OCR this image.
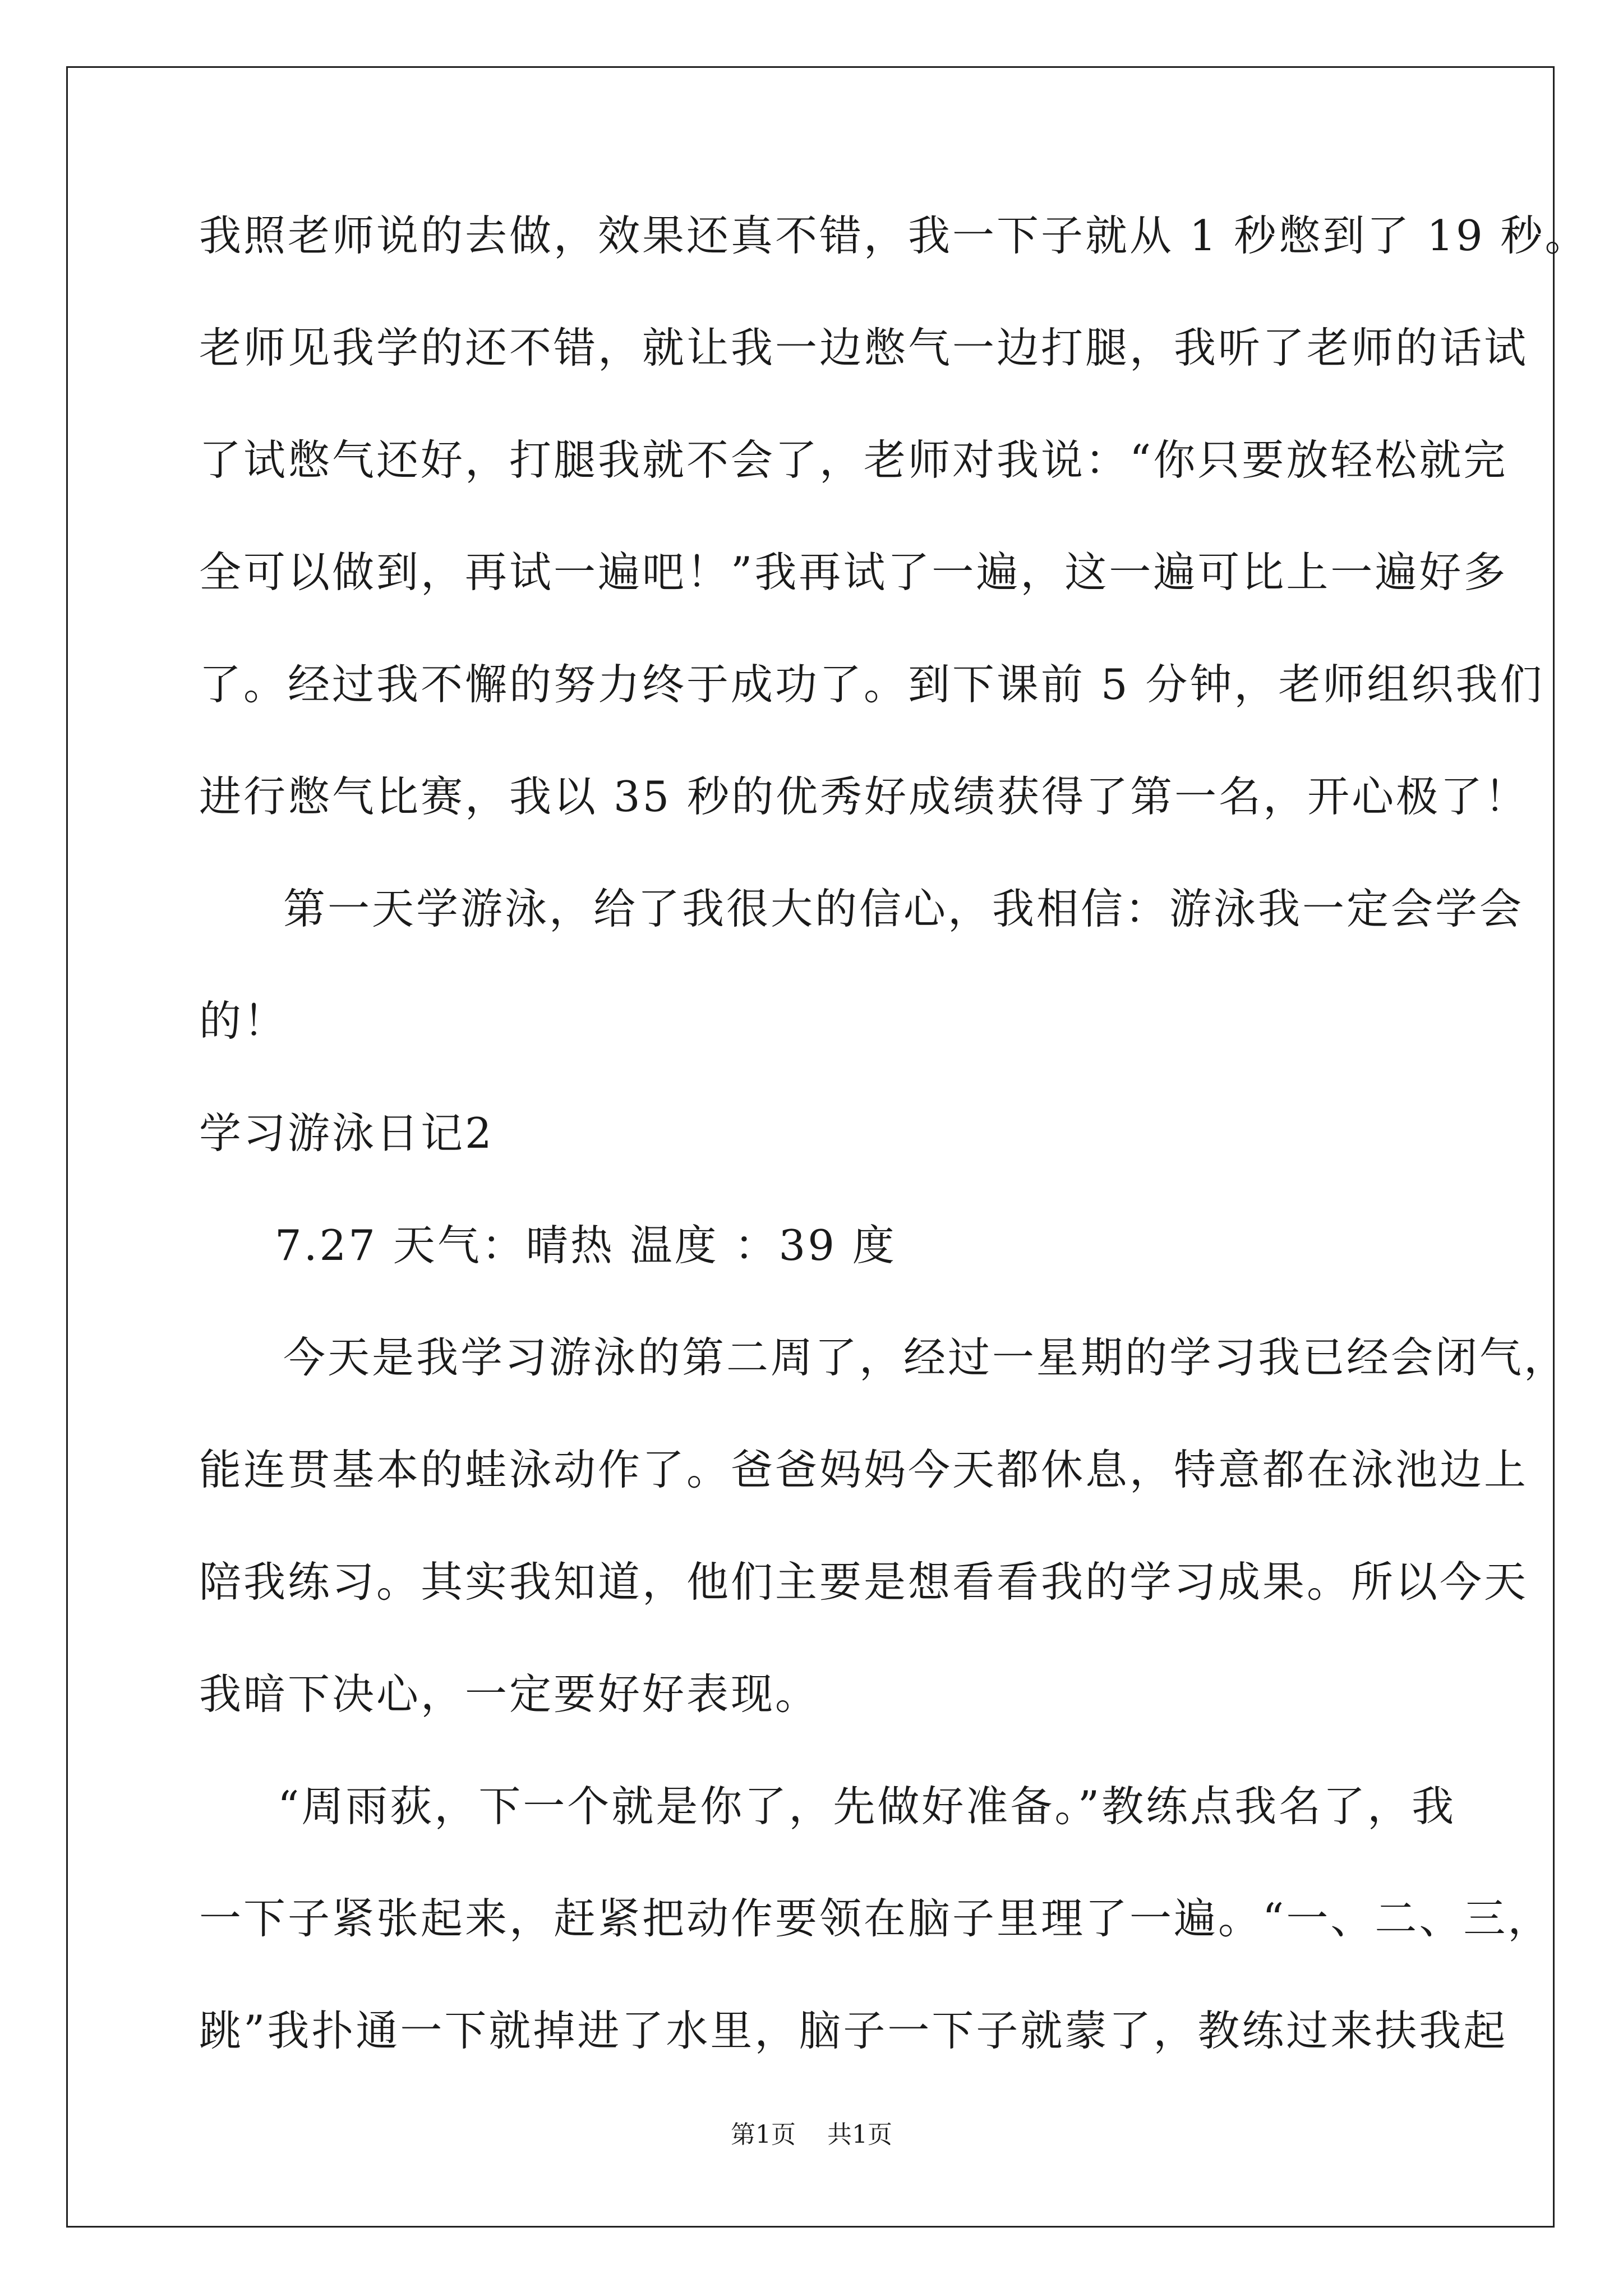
我照老师说的去做，效果还真不错，我一下子就从 1 秒憋到了 19 秒。
老师见我学的还不错，就让我一边憋气一边打腿，我听了老师的话试
了试憋气还好，打腿我就不会了，老师对我说：“你只要放轻松就完
全可以做到，再试一遍吧！”我再试了一遍，这一遍可比上一遍好多
了。经过我不懈的努力终于成功了。到下课前 5 分钟，老师组织我们
进行憋气比赛，我以 35 秒的优秀好成绩获得了第一名，开心极了！
第一天学游泳，给了我很大的信心，我相信：游泳我一定会学会
的！
学习游泳日记2
7.27 天气：晴热 温度 ：39 度
今天是我学习游泳的第二周了，经过一星期的学习我已经会闭气，
能连贯基本的蛙泳动作了。爸爸妈妈今天都休息，特意都在泳池边上
陪我练习。其实我知道，他们主要是想看看我的学习成果。所以今天
我暗下决心，一定要好好表现。
“周雨荻，下一个就是你了，先做好准备。”教练点我名了，我
一下子紧张起来，赶紧把动作要领在脑子里理了一遍。“一、二、三，
跳”我扑通一下就掉进了水里，脑子一下子就蒙了，教练过来扶我起
第1页    共1页
